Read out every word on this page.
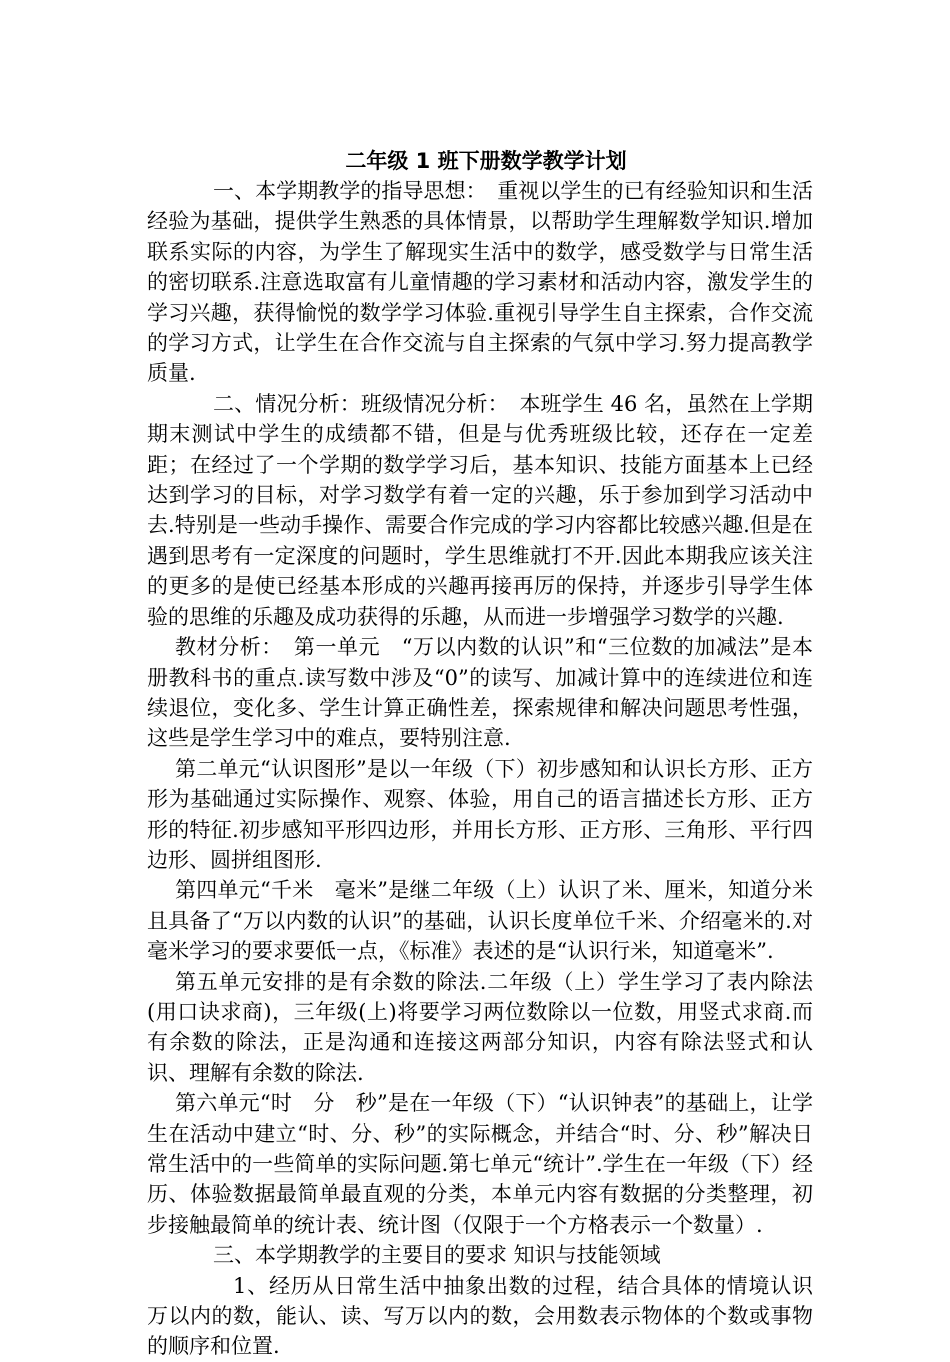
二年级 1 班下册数学教学计划

一、本学期教学的指导思想：　重视以学生的已有经验知识和生活经验为基础，提供学生熟悉的具体情景，以帮助学生理解数学知识.增加联系实际的内容，为学生了解现实生活中的数学，感受数学与日常生活的密切联系.注意选取富有儿童情趣的学习素材和活动内容，激发学生的学习兴趣，获得愉悦的数学学习体验.重视引导学生自主探索，合作交流的学习方式，让学生在合作交流与自主探索的气氛中学习.努力提高教学质量.

二、情况分析：班级情况分析：　本班学生 46 名，虽然在上学期期末测试中学生的成绩都不错，但是与优秀班级比较，还存在一定差距；在经过了一个学期的数学学习后，基本知识、技能方面基本上已经达到学习的目标，对学习数学有着一定的兴趣，乐于参加到学习活动中去.特别是一些动手操作、需要合作完成的学习内容都比较感兴趣.但是在遇到思考有一定深度的问题时，学生思维就打不开.因此本期我应该关注的更多的是使已经基本形成的兴趣再接再厉的保持，并逐步引导学生体验的思维的乐趣及成功获得的乐趣，从而进一步增强学习数学的兴趣.

教材分析：　第一单元　“万以内数的认识”和“三位数的加减法”是本册教科书的重点.读写数中涉及“0”的读写、加减计算中的连续进位和连续退位，变化多、学生计算正确性差，探索规律和解决问题思考性强，这些是学生学习中的难点，要特别注意.

第二单元“认识图形”是以一年级（下）初步感知和认识长方形、正方形为基础通过实际操作、观察、体验，用自己的语言描述长方形、正方形的特征.初步感知平形四边形，并用长方形、正方形、三角形、平行四边形、圆拼组图形.

第四单元“千米　毫米”是继二年级（上）认识了米、厘米，知道分米且具备了“万以内数的认识”的基础，认识长度单位千米、介绍毫米的.对毫米学习的要求要低一点，《标准》表述的是“认识行米，知道毫米”.

第五单元安排的是有余数的除法.二年级（上）学生学习了表内除法(用口诀求商)，三年级(上)将要学习两位数除以一位数，用竖式求商.而有余数的除法，正是沟通和连接这两部分知识，内容有除法竖式和认识、理解有余数的除法.

第六单元“时　分　秒”是在一年级（下）“认识钟表”的基础上，让学生在活动中建立“时、分、秒”的实际概念，并结合“时、分、秒”解决日常生活中的一些简单的实际问题.第七单元“统计”.学生在一年级（下）经历、体验数据最简单最直观的分类，本单元内容有数据的分类整理，初步接触最简单的统计表、统计图（仅限于一个方格表示一个数量）.

三、本学期教学的主要目的要求 知识与技能领域

1、经历从日常生活中抽象出数的过程，结合具体的情境认识万以内的数，能认、读、写万以内的数，会用数表示物体的个数或事物的顺序和位置.
